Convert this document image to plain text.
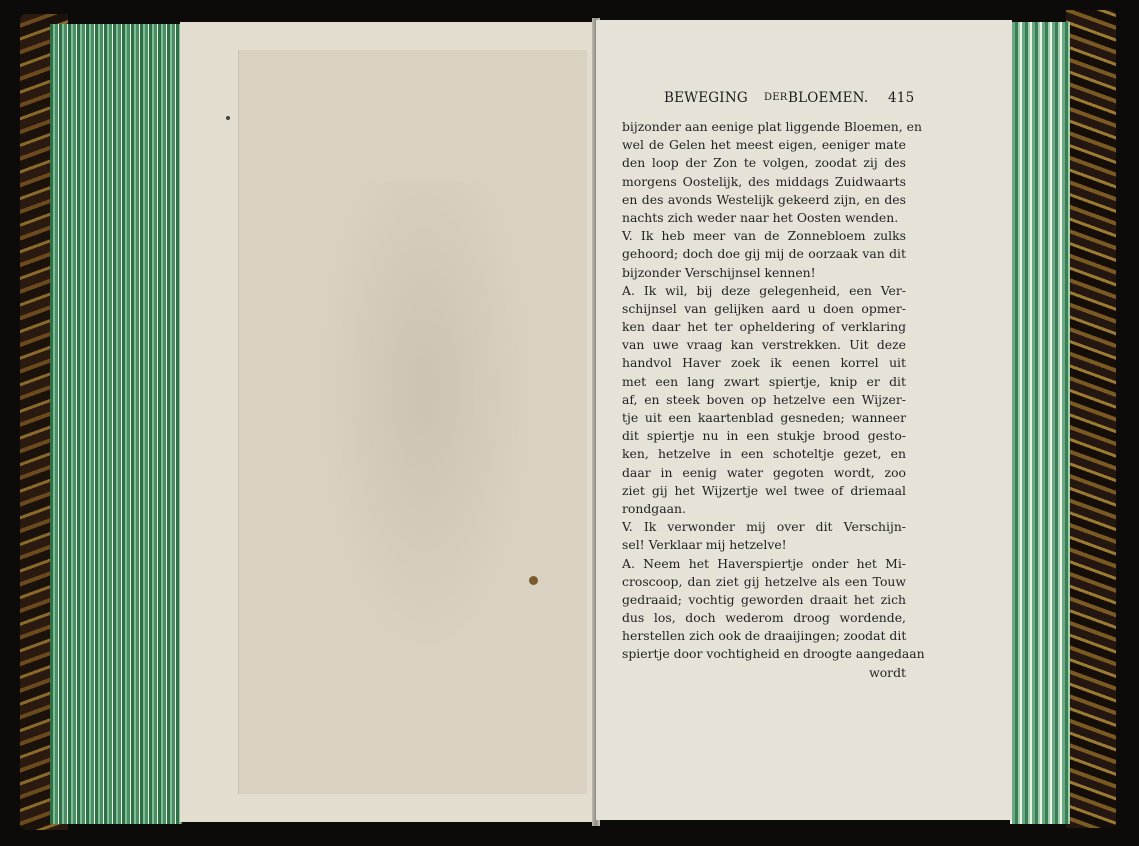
BEWEGING DER BLOEMEN. 415
bijzonder aan eenige plat liggende Bloemen, en
wel de Gelen het meest eigen, eeniger mate
den loop der Zon te volgen, zoodat zij des
morgens Oostelijk, des middags Zuidwaarts
en des avonds Westelijk gekeerd zijn, en des
nachts zich weder naar het Oosten wenden.
V. Ik heb meer van de Zonnebloem zulks
gehoord; doch doe gij mij de oorzaak van dit
bijzonder Verschijnsel kennen!
A. Ik wil, bij deze gelegenheid, een Ver-
schijnsel van gelijken aard u doen opmer-
ken daar het ter opheldering of verklaring
van uwe vraag kan verstrekken. Uit deze
handvol Haver zoek ik eenen korrel uit
met een lang zwart spiertje, knip er dit
af, en steek boven op hetzelve een Wijzer-
tje uit een kaartenblad gesneden; wanneer
dit spiertje nu in een stukje brood gesto-
ken, hetzelve in een schoteltje gezet, en
daar in eenig water gegoten wordt, zoo
ziet gij het Wijzertje wel twee of driemaal
rondgaan.
V. Ik verwonder mij over dit Verschijn-
sel! Verklaar mij hetzelve!
A. Neem het Haverspiertje onder het Mi-
croscoop, dan ziet gij hetzelve als een Touw
gedraaid; vochtig geworden draait het zich
dus los, doch wederom droog wordende,
herstellen zich ook de draaijingen; zoodat dit
spiertje door vochtigheid en droogte aangedaan
wordt
